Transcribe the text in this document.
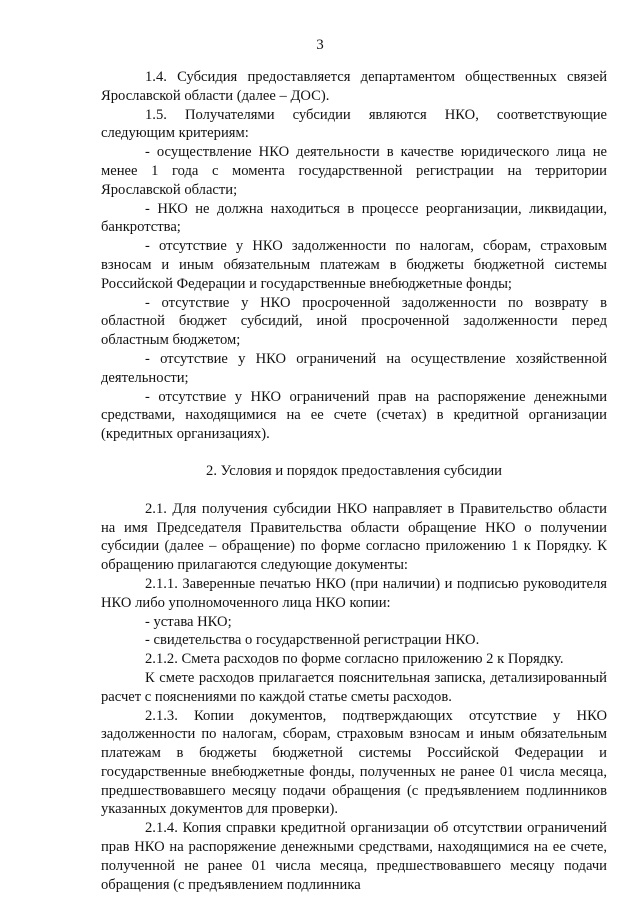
3

1.4. Субсидия предоставляется департаментом общественных связей Ярославской области (далее – ДОС).

1.5. Получателями субсидии являются НКО, соответствующие следующим критериям:

- осуществление НКО деятельности в качестве юридического лица не менее 1 года с момента государственной регистрации на территории Ярославской области;

- НКО не должна находиться в процессе реорганизации, ликвидации, банкротства;

- отсутствие у НКО задолженности по налогам, сборам, страховым взносам и иным обязательным платежам в бюджеты бюджетной системы Российской Федерации и государственные внебюджетные фонды;

- отсутствие у НКО просроченной задолженности по возврату в областной бюджет субсидий, иной просроченной задолженности перед областным бюджетом;

- отсутствие у НКО ограничений на осуществление хозяйственной деятельности;

- отсутствие у НКО ограничений прав на распоряжение денежными средствами, находящимися на ее счете (счетах) в кредитной организации (кредитных организациях).

2. Условия и порядок предоставления субсидии

2.1. Для получения субсидии НКО направляет в Правительство области на имя Председателя Правительства области обращение НКО о получении субсидии (далее – обращение) по форме согласно приложению 1 к Порядку. К обращению прилагаются следующие документы:

2.1.1. Заверенные печатью НКО (при наличии) и подписью руководителя НКО либо уполномоченного лица НКО копии:

- устава НКО;

- свидетельства о государственной регистрации НКО.

2.1.2. Смета расходов по форме согласно приложению 2 к Порядку.

К смете расходов прилагается пояснительная записка, детализированный расчет с пояснениями по каждой статье сметы расходов.

2.1.3. Копии документов, подтверждающих отсутствие у НКО задолженности по налогам, сборам, страховым взносам и иным обязательным платежам в бюджеты бюджетной системы Российской Федерации и государственные внебюджетные фонды, полученных не ранее 01 числа месяца, предшествовавшего месяцу подачи обращения (с предъявлением подлинников указанных документов для проверки).

2.1.4. Копия справки кредитной организации об отсутствии ограничений прав НКО на распоряжение денежными средствами, находящимися на ее счете, полученной не ранее 01 числа месяца, предшествовавшего месяцу подачи обращения (с предъявлением подлинника
